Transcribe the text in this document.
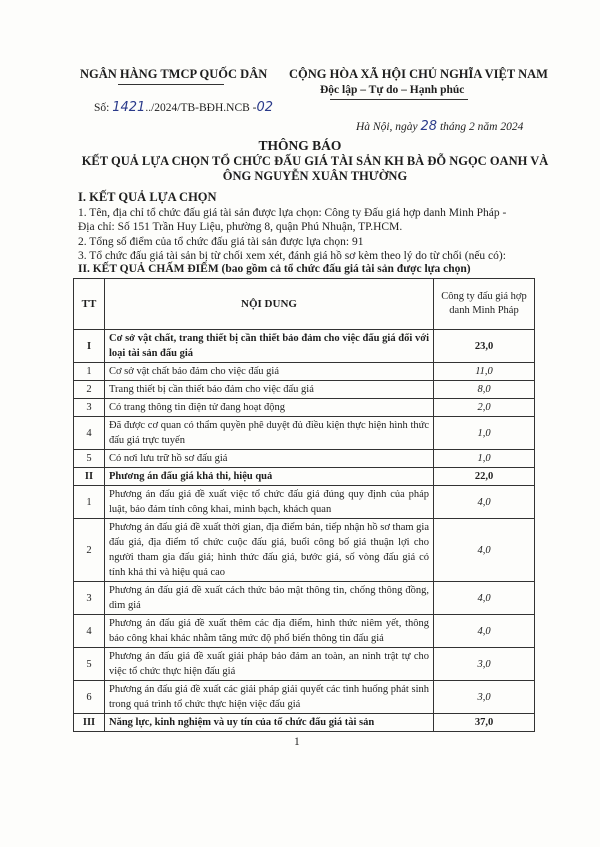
NGÂN HÀNG TMCP QUỐC DÂN CỘNG HÒA XÃ HỘI CHỦ NGHĨA VIỆT NAM
Độc lập – Tự do – Hạnh phúc
Số: 1421../2024/TB-BĐH.NCB -02
Hà Nội, ngày 28 tháng 2 năm 2024
THÔNG BÁO
KẾT QUẢ LỰA CHỌN TỔ CHỨC ĐẤU GIÁ TÀI SẢN KH BÀ ĐỖ NGỌC OANH VÀ ÔNG NGUYỄN XUÂN THƯỜNG
I. KẾT QUẢ LỰA CHỌN
1. Tên, địa chỉ tổ chức đấu giá tài sản được lựa chọn: Công ty Đấu giá hợp danh Minh Pháp -
Địa chỉ: Số 151 Trần Huy Liệu, phường 8, quận Phú Nhuận, TP.HCM.
2. Tổng số điểm của tổ chức đấu giá tài sản được lựa chọn: 91
3. Tổ chức đấu giá tài sản bị từ chối xem xét, đánh giá hồ sơ kèm theo lý do từ chối (nếu có):
II. KẾT QUẢ CHẤM ĐIỂM (bao gồm cả tổ chức đấu giá tài sản được lựa chọn)
TT	NỘI DUNG	Công ty đấu giá hợp danh Minh Pháp
I	Cơ sở vật chất, trang thiết bị cần thiết bảo đảm cho việc đấu giá đối với loại tài sản đấu giá	23,0
1	Cơ sở vật chất bảo đảm cho việc đấu giá	11,0
2	Trang thiết bị cần thiết bảo đảm cho việc đấu giá	8,0
3	Có trang thông tin điện tử đang hoạt động	2,0
4	Đã được cơ quan có thẩm quyền phê duyệt đủ điều kiện thực hiện hình thức đấu giá trực tuyến	1,0
5	Có nơi lưu trữ hồ sơ đấu giá	1,0
II	Phương án đấu giá khả thi, hiệu quả	22,0
1	Phương án đấu giá đề xuất việc tổ chức đấu giá đúng quy định của pháp luật, bảo đảm tính công khai, minh bạch, khách quan	4,0
2	Phương án đấu giá đề xuất thời gian, địa điểm bán, tiếp nhận hồ sơ tham gia đấu giá, địa điểm tổ chức cuộc đấu giá, buổi công bố giá thuận lợi cho người tham gia đấu giá; hình thức đấu giá, bước giá, số vòng đấu giá có tính khả thi và hiệu quả cao	4,0
3	Phương án đấu giá đề xuất cách thức bảo mật thông tin, chống thông đồng, dìm giá	4,0
4	Phương án đấu giá đề xuất thêm các địa điểm, hình thức niêm yết, thông báo công khai khác nhằm tăng mức độ phổ biến thông tin đấu giá	4,0
5	Phương án đấu giá đề xuất giải pháp bảo đảm an toàn, an ninh trật tự cho việc tổ chức thực hiện đấu giá	3,0
6	Phương án đấu giá đề xuất các giải pháp giải quyết các tình huống phát sinh trong quá trình tổ chức thực hiện việc đấu giá	3,0
III	Năng lực, kinh nghiệm và uy tín của tổ chức đấu giá tài sản	37,0
1
